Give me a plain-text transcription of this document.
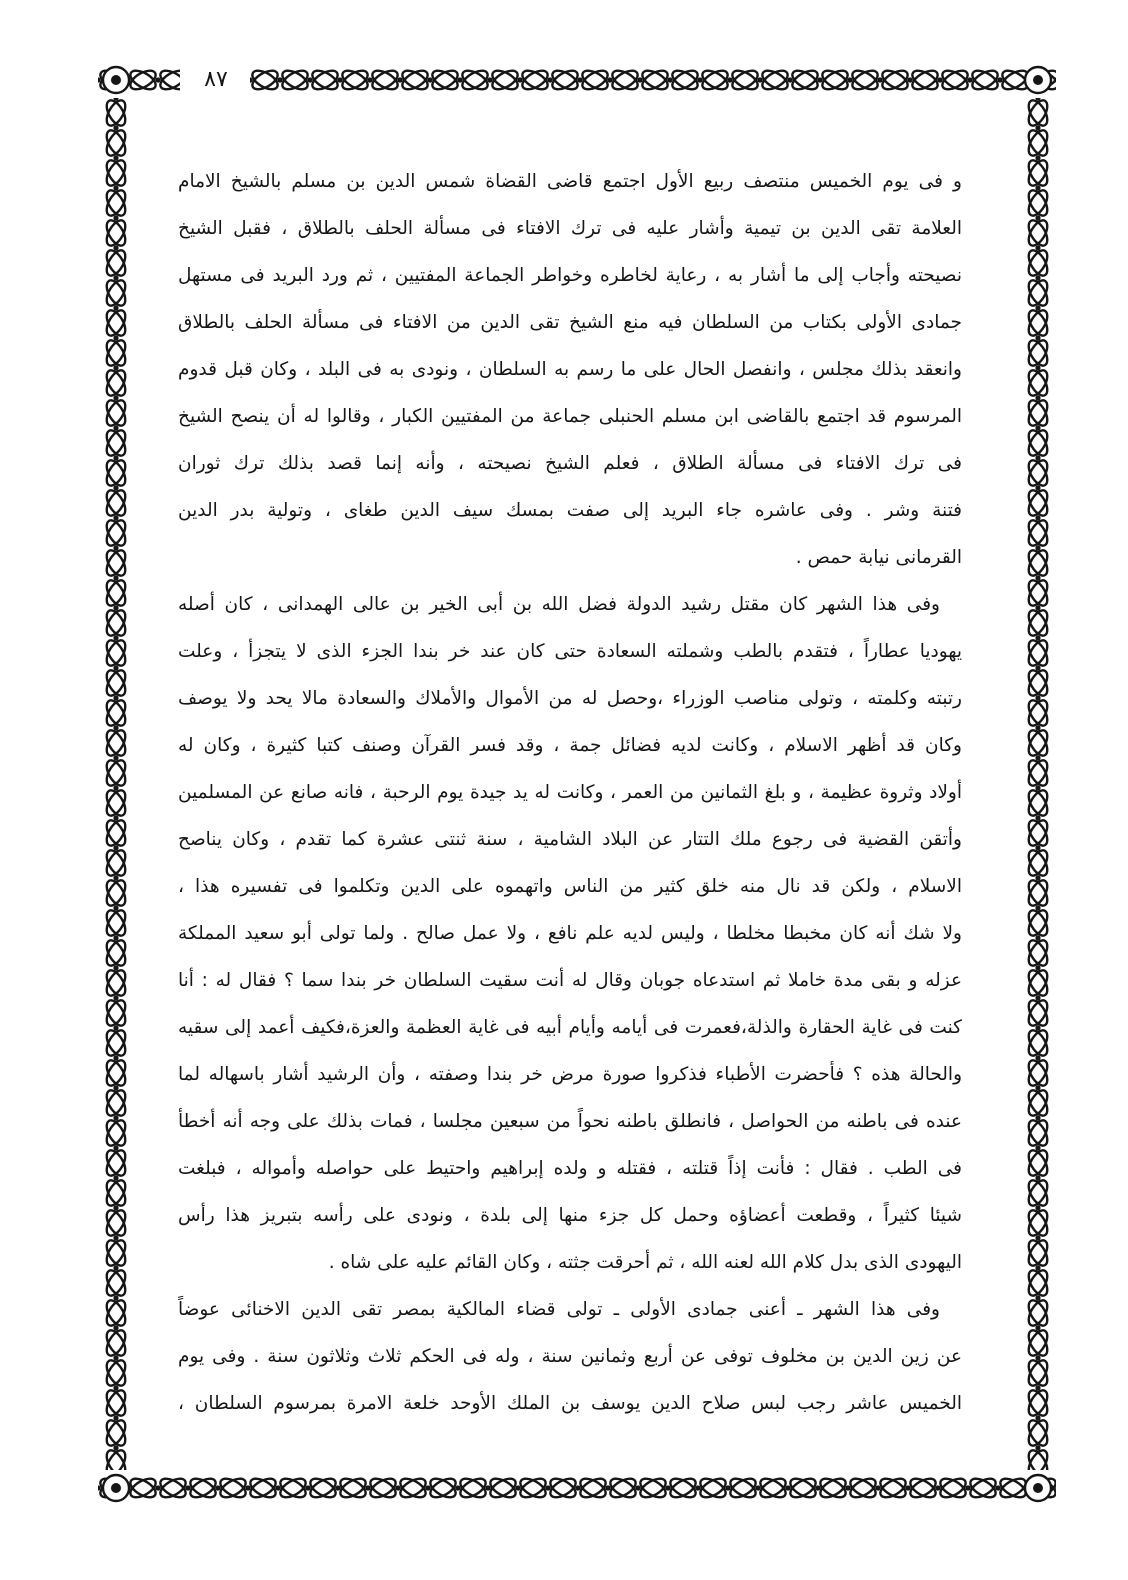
٨٧
و فى يوم الخميس منتصف ربيع الأول اجتمع قاضى القضاة شمس الدين بن مسلم بالشيخ الامام
العلامة تقى الدين بن تيمية وأشار عليه فى ترك الافتاء فى مسألة الحلف بالطلاق ، فقبل الشيخ
نصيحته وأجاب إلى ما أشار به ، رعاية لخاطره وخواطر الجماعة المفتيين ، ثم ورد البريد فى مستهل
جمادى الأولى بكتاب من السلطان فيه منع الشيخ تقى الدين من الافتاء فى مسألة الحلف بالطلاق
وانعقد بذلك مجلس ، وانفصل الحال على ما رسم به السلطان ، ونودى به فى البلد ، وكان قبل قدوم
المرسوم قد اجتمع بالقاضى ابن مسلم الحنبلى جماعة من المفتيين الكبار ، وقالوا له أن ينصح الشيخ
فى ترك الافتاء فى مسألة الطلاق ، فعلم الشيخ نصيحته ، وأنه إنما قصد بذلك ترك ثوران
فتنة وشر . وفى عاشره جاء البريد إلى صفت بمسك سيف الدين طغاى ، وتولية بدر الدين
القرمانى نيابة حمص .
وفى هذا الشهر كان مقتل رشيد الدولة فضل الله بن أبى الخير بن عالى الهمدانى ، كان أصله
يهوديا عطاراً ، فتقدم بالطب وشملته السعادة حتى كان عند خر بندا الجزء الذى لا يتجزأ ، وعلت
رتبته وكلمته ، وتولى مناصب الوزراء ،وحصل له من الأموال والأملاك والسعادة مالا يحد ولا يوصف
وكان قد أظهر الاسلام ، وكانت لديه فضائل جمة ، وقد فسر القرآن وصنف كتبا كثيرة ، وكان له
أولاد وثروة عظيمة ، و بلغ الثمانين من العمر ، وكانت له يد جيدة يوم الرحبة ، فانه صانع عن المسلمين
وأتقن القضية فى رجوع ملك التتار عن البلاد الشامية ، سنة ثنتى عشرة كما تقدم ، وكان يناصح
الاسلام ، ولكن قد نال منه خلق كثير من الناس واتهموه على الدين وتكلموا فى تفسيره هذا ،
ولا شك أنه كان مخبطا مخلطا ، وليس لديه علم نافع ، ولا عمل صالح . ولما تولى أبو سعيد المملكة
عزله و بقى مدة خاملا ثم استدعاه جوبان وقال له أنت سقيت السلطان خر بندا سما ؟ فقال له : أنا
كنت فى غاية الحقارة والذلة،فعمرت فى أيامه وأيام أبيه فى غاية العظمة والعزة،فكيف أعمد إلى سقيه
والحالة هذه ؟ فأحضرت الأطباء فذكروا صورة مرض خر بندا وصفته ، وأن الرشيد أشار باسهاله لما
عنده فى باطنه من الحواصل ، فانطلق باطنه نحواً من سبعين مجلسا ، فمات بذلك على وجه أنه أخطأ
فى الطب . فقال : فأنت إذاً قتلته ، فقتله و ولده إبراهيم واحتيط على حواصله وأمواله ، فبلغت
شيئا كثيراً ، وقطعت أعضاؤه وحمل كل جزء منها إلى بلدة ، ونودى على رأسه بتبريز هذا رأس
اليهودى الذى بدل كلام الله لعنه الله ، ثم أحرقت جثته ، وكان القائم عليه على شاه .
وفى هذا الشهر ـ أعنى جمادى الأولى ـ تولى قضاء المالكية بمصر تقى الدين الاخنائى عوضاً
عن زين الدين بن مخلوف توفى عن أربع وثمانين سنة ، وله فى الحكم ثلاث وثلاثون سنة . وفى يوم
الخميس عاشر رجب لبس صلاح الدين يوسف بن الملك الأوحد خلعة الامرة بمرسوم السلطان ،
